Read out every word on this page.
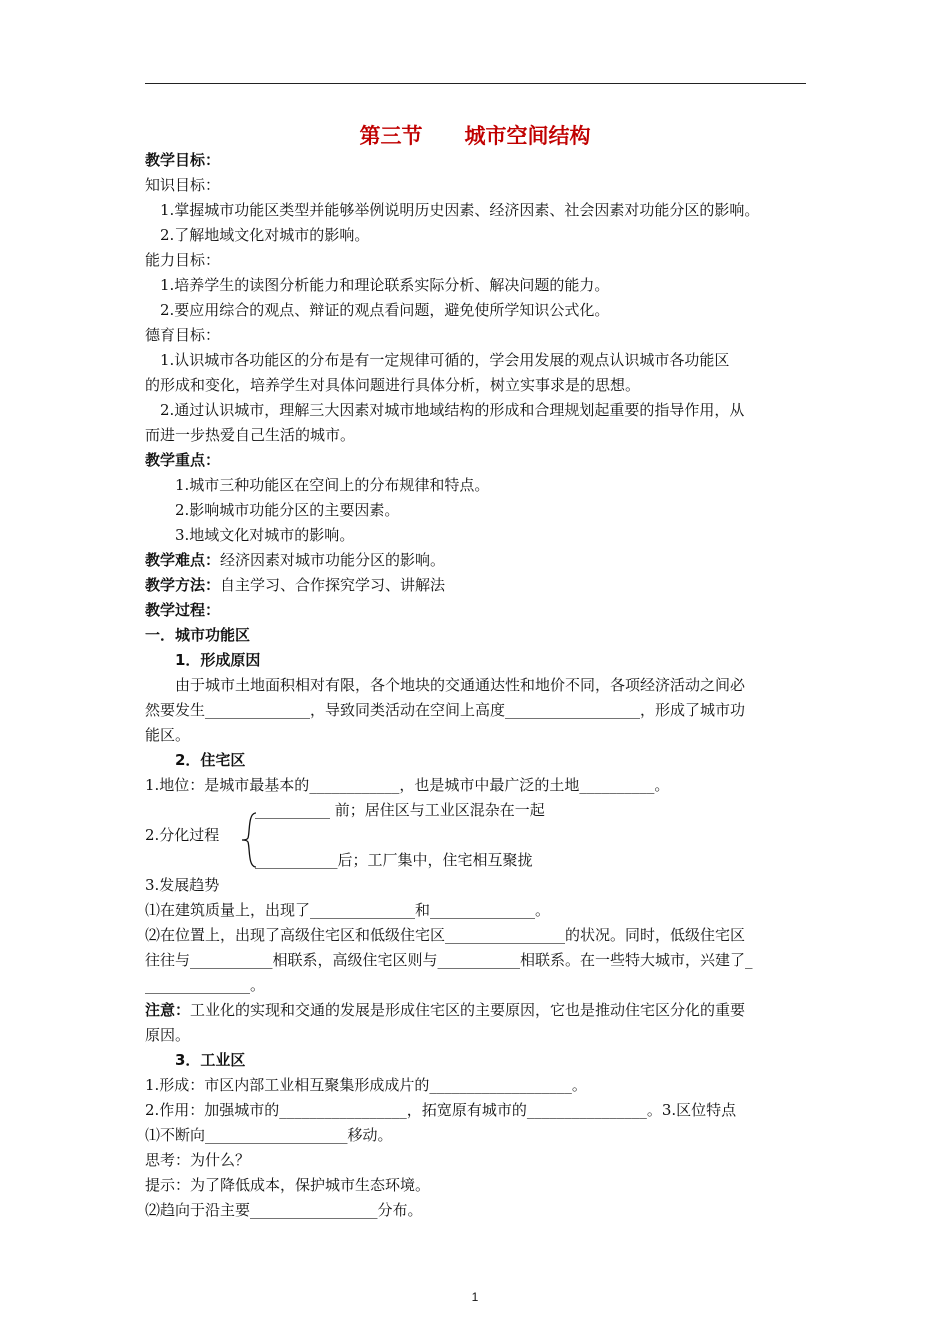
第三节　　城市空间结构
教学目标：
知识目标：
1.掌握城市功能区类型并能够举例说明历史因素、经济因素、社会因素对功能分区的影响。
2.了解地域文化对城市的影响。
能力目标：
1.培养学生的读图分析能力和理论联系实际分析、解决问题的能力。
2.要应用综合的观点、辩证的观点看问题，避免使所学知识公式化。
德育目标：
1.认识城市各功能区的分布是有一定规律可循的，学会用发展的观点认识城市各功能区
的形成和变化，培养学生对具体问题进行具体分析，树立实事求是的思想。
2.通过认识城市，理解三大因素对城市地域结构的形成和合理规划起重要的指导作用，从
而进一步热爱自己生活的城市。
教学重点：
1.城市三种功能区在空间上的分布规律和特点。
2.影响城市功能分区的主要因素。
3.地域文化对城市的影响。
教学难点：经济因素对城市功能分区的影响。
教学方法：自主学习、合作探究学习、讲解法
教学过程：
一．城市功能区
1．形成原因
由于城市土地面积相对有限，各个地块的交通通达性和地价不同，各项经济活动之间必
然要发生______________，导致同类活动在空间上高度__________________，形成了城市功
能区。
2．住宅区
1.地位：是城市最基本的____________，也是城市中最广泛的土地__________。
__________ 前；居住区与工业区混杂在一起
2.分化过程
___________后；工厂集中，住宅相互聚拢
3.发展趋势
⑴在建筑质量上，出现了______________和______________。
⑵在位置上，出现了高级住宅区和低级住宅区________________的状况。同时，低级住宅区
往往与___________相联系，高级住宅区则与___________相联系。在一些特大城市，兴建了_
______________。
注意：工业化的实现和交通的发展是形成住宅区的主要原因，它也是推动住宅区分化的重要
原因。
3．工业区
1.形成：市区内部工业相互聚集形成成片的___________________。
2.作用：加强城市的_________________，拓宽原有城市的________________。3.区位特点
⑴不断向___________________移动。
思考：为什么？
提示：为了降低成本，保护城市生态环境。
⑵趋向于沿主要_________________分布。
1
